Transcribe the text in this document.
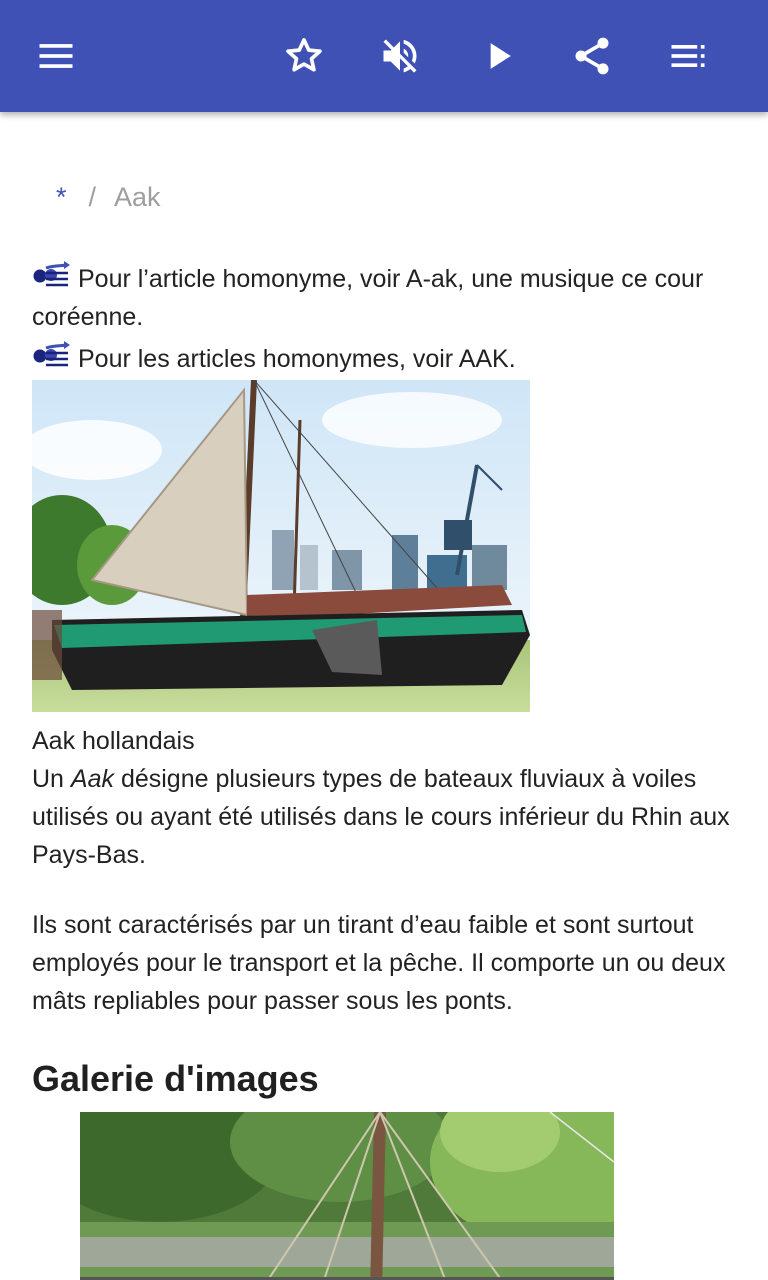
* / Aak
Pour l’article homonyme, voir A-ak, une musique ce cour coréenne.
Pour les articles homonymes, voir AAK.
Aak hollandais
Un Aak désigne plusieurs types de bateaux fluviaux à voiles utilisés ou ayant été utilisés dans le cours inférieur du Rhin aux Pays-Bas.
Ils sont caractérisés par un tirant d’eau faible et sont surtout employés pour le transport et la pêche. Il comporte un ou deux mâts repliables pour passer sous les ponts.
Galerie d'images
